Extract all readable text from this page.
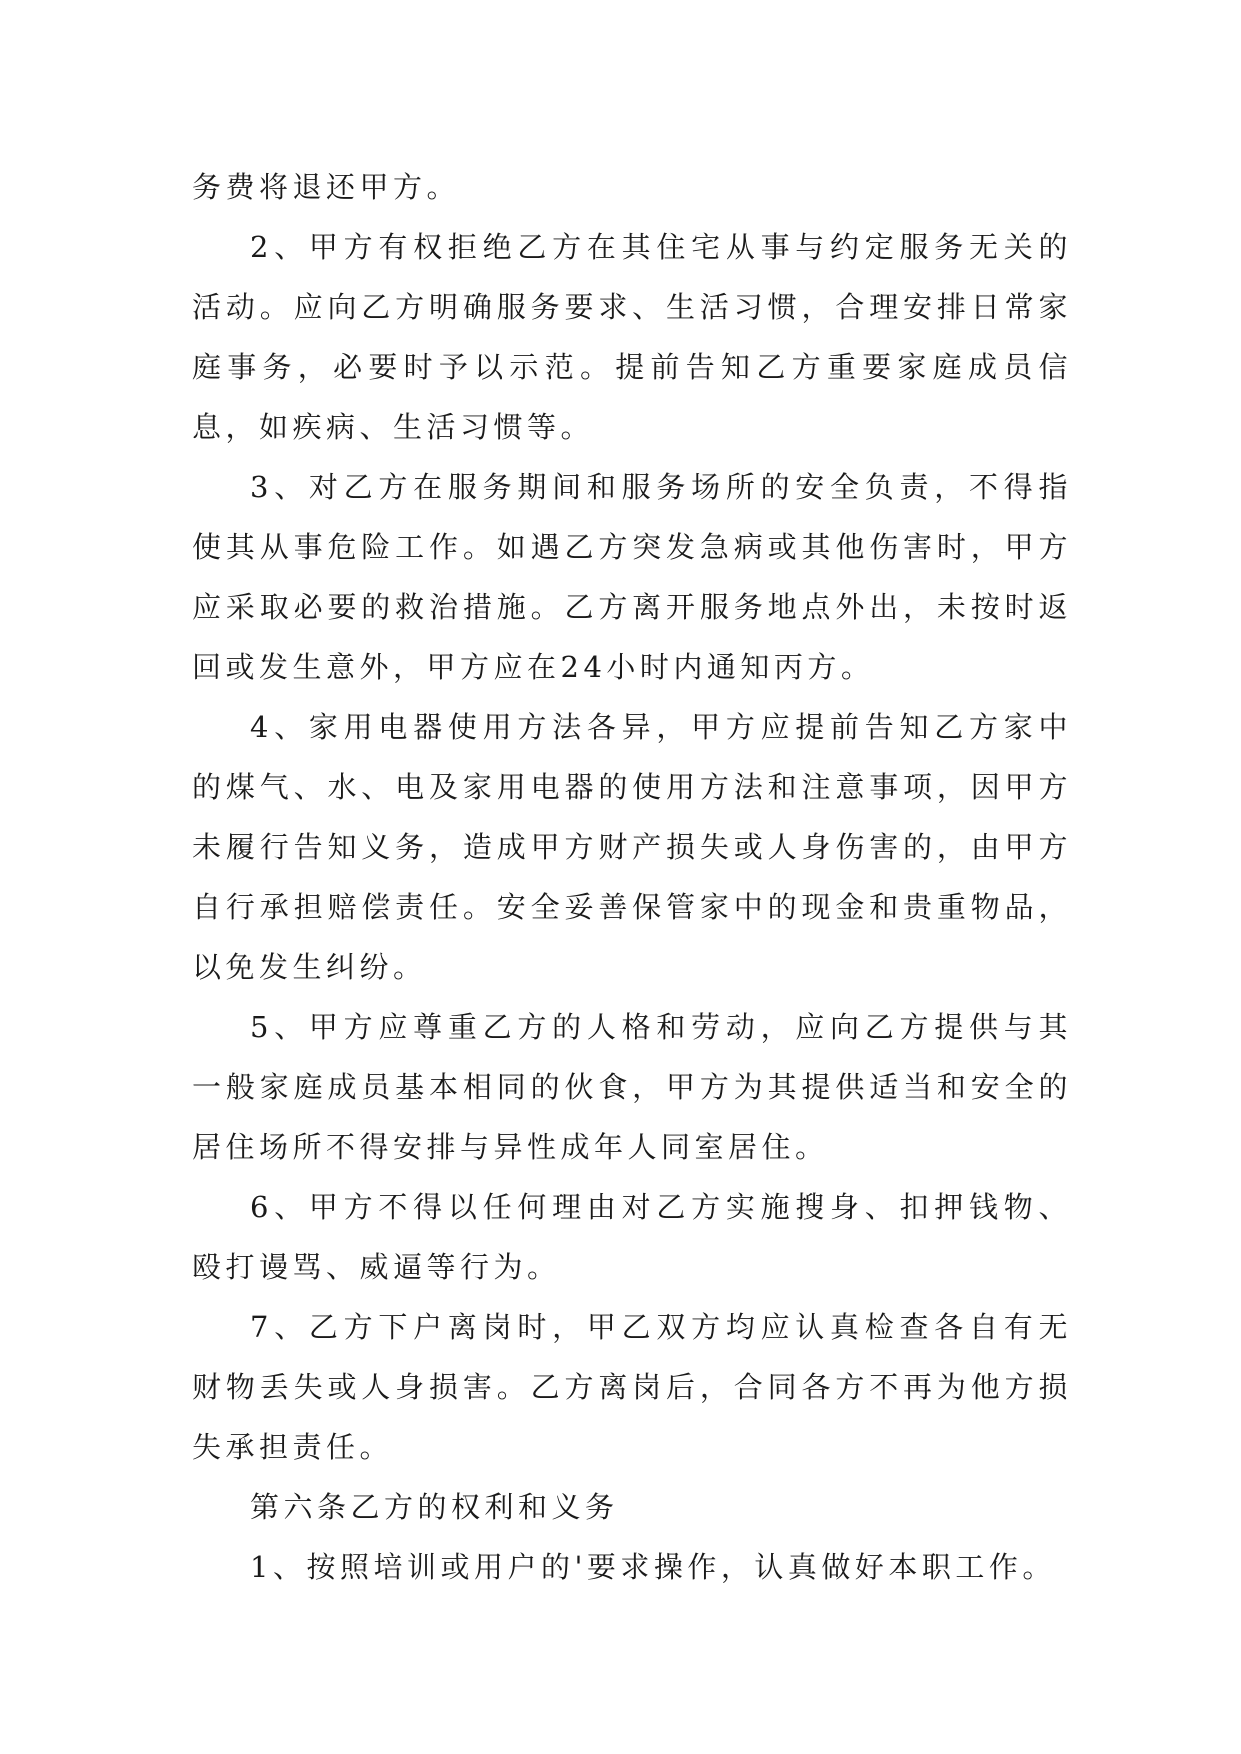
务费将退还甲方。

2、甲方有权拒绝乙方在其住宅从事与约定服务无关的活动。应向乙方明确服务要求、生活习惯，合理安排日常家庭事务，必要时予以示范。提前告知乙方重要家庭成员信息，如疾病、生活习惯等。

3、对乙方在服务期间和服务场所的安全负责，不得指使其从事危险工作。如遇乙方突发急病或其他伤害时，甲方应采取必要的救治措施。乙方离开服务地点外出，未按时返回或发生意外，甲方应在24小时内通知丙方。

4、家用电器使用方法各异，甲方应提前告知乙方家中的煤气、水、电及家用电器的使用方法和注意事项，因甲方未履行告知义务，造成甲方财产损失或人身伤害的，由甲方自行承担赔偿责任。安全妥善保管家中的现金和贵重物品，以免发生纠纷。

5、甲方应尊重乙方的人格和劳动，应向乙方提供与其一般家庭成员基本相同的伙食，甲方为其提供适当和安全的居住场所不得安排与异性成年人同室居住。

6、甲方不得以任何理由对乙方实施搜身、扣押钱物、殴打谩骂、威逼等行为。

7、乙方下户离岗时，甲乙双方均应认真检查各自有无财物丢失或人身损害。乙方离岗后，合同各方不再为他方损失承担责任。

第六条乙方的权利和义务

1、按照培训或用户的'要求操作，认真做好本职工作。
